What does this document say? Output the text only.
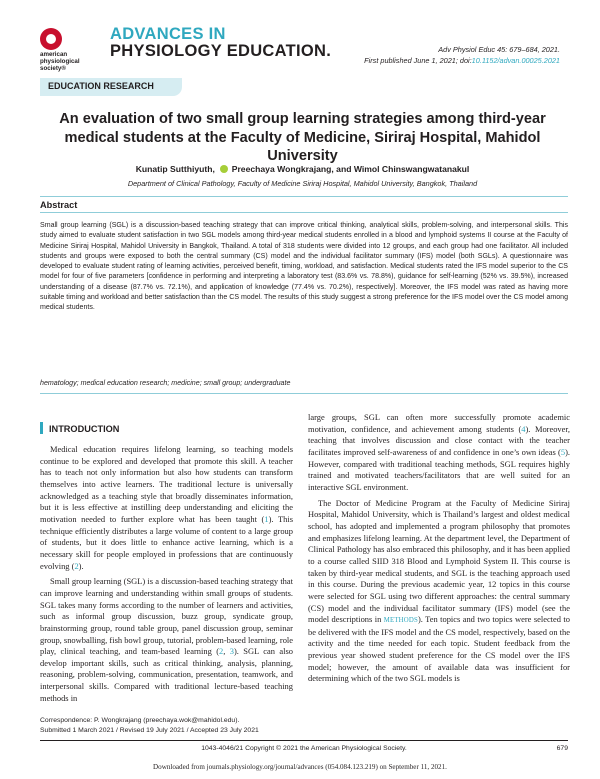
american
physiological
society®
ADVANCES IN
PHYSIOLOGY EDUCATION.	Adv Physiol Educ 45: 679–684, 2021.
First published June 1, 2021; doi:10.1152/advan.00025.2021
EDUCATION RESEARCH
An evaluation of two small group learning strategies among third-year medical students at the Faculty of Medicine, Siriraj Hospital, Mahidol University
Kunatip Sutthiyuth, Preechaya Wongkrajang, and Wimol Chinswangwatanakul
Department of Clinical Pathology, Faculty of Medicine Siriraj Hospital, Mahidol University, Bangkok, Thailand
Abstract
Small group learning (SGL) is a discussion-based teaching strategy that can improve critical thinking, analytical skills, problem-solving, and interpersonal skills. This study aimed to evaluate student satisfaction in two SGL models among third-year medical students enrolled in a blood and lymphoid systems II course at the Faculty of Medicine Siriraj Hospital, Mahidol University in Bangkok, Thailand. A total of 318 students were divided into 12 groups, and each group had one facilitator. All included students and groups were exposed to both the central summary (CS) model and the individual facilitator summary (IFS) model (both SGLs). A questionnaire was developed to evaluate student rating of learning activities, perceived benefit, timing, workload, and satisfaction. Medical students rated the IFS model superior to the CS model for four of five parameters [confidence in performing and interpreting a laboratory test (83.6% vs. 78.8%), guidance for self-learning (52% vs. 39.5%), increased understanding of a disease (87.7% vs. 72.1%), and application of knowledge (77.4% vs. 70.2%), respectively]. Moreover, the IFS model was rated as having more suitable timing and workload and better satisfaction than the CS model. The results of this study suggest a strong preference for the IFS model over the CS model among medical students.
hematology; medical education research; medicine; small group; undergraduate
INTRODUCTION

Medical education requires lifelong learning, so teaching models continue to be explored and developed that promote this skill. A teacher has to teach not only information but also how students can transform themselves into active learners. The traditional lecture is universally acknowledged as a teaching style that broadly disseminates information, but it is less effective at instilling deep understanding and eliciting the motivation needed to further explore what has been taught (1). This technique efficiently distributes a large volume of content to a large group of students, but it does little to enhance active learning, which is a necessary skill for people employed in professions that are continuously evolving (2).

Small group learning (SGL) is a discussion-based teaching strategy that can improve learning and understanding within small groups of students. SGL takes many forms according to the number of learners and activities, such as informal group discussion, buzz group, syndicate group, brainstorming group, round table group, panel discussion group, seminar group, snowballing, fish bowl group, tutorial, problem-based learning, role play, clinical teaching, and team-based learning (2, 3). SGL can also develop important skills, such as critical thinking, analysis, planning, reasoning, problem-solving, communication, presentation, teamwork, and interpersonal skills. Compared with traditional lecture-based teaching methods in

large groups, SGL can often more successfully promote academic motivation, confidence, and achievement among students (4). Moreover, teaching that involves discussion and close contact with the teacher facilitates improved self-awareness of and confidence in one’s own ideas (5). However, compared with traditional teaching methods, SGL requires highly trained and motivated teachers/facilitators that are well suited for an interactive SGL environment.

The Doctor of Medicine Program at the Faculty of Medicine Siriraj Hospital, Mahidol University, which is Thailand’s largest and oldest medical school, has adopted and implemented a program philosophy that promotes and emphasizes lifelong learning. At the department level, the Department of Clinical Pathology has also embraced this philosophy, and it has been applied to a course called SIID 318 Blood and Lymphoid System II. This course is taken by third-year medical students, and SGL is the teaching approach used in this course. During the previous academic year, 12 topics in this course were selected for SGL using two different approaches: the central summary (CS) model and the individual facilitator summary (IFS) model (see the model descriptions in METHODS). Ten topics and two topics were selected to be delivered with the IFS model and the CS model, respectively, based on the activity and the time needed for each topic. Student feedback from the previous year showed student preference for the CS model over the IFS model; however, the amount of available data was insufficient for determining which of the two SGL models is

Correspondence: P. Wongkrajang (preechaya.wok@mahidol.edu).
Submitted 1 March 2021 / Revised 19 July 2021 / Accepted 23 July 2021
1043-4046/21 Copyright © 2021 the American Physiological Society.	679
Downloaded from journals.physiology.org/journal/advances (054.084.123.219) on September 11, 2021.
